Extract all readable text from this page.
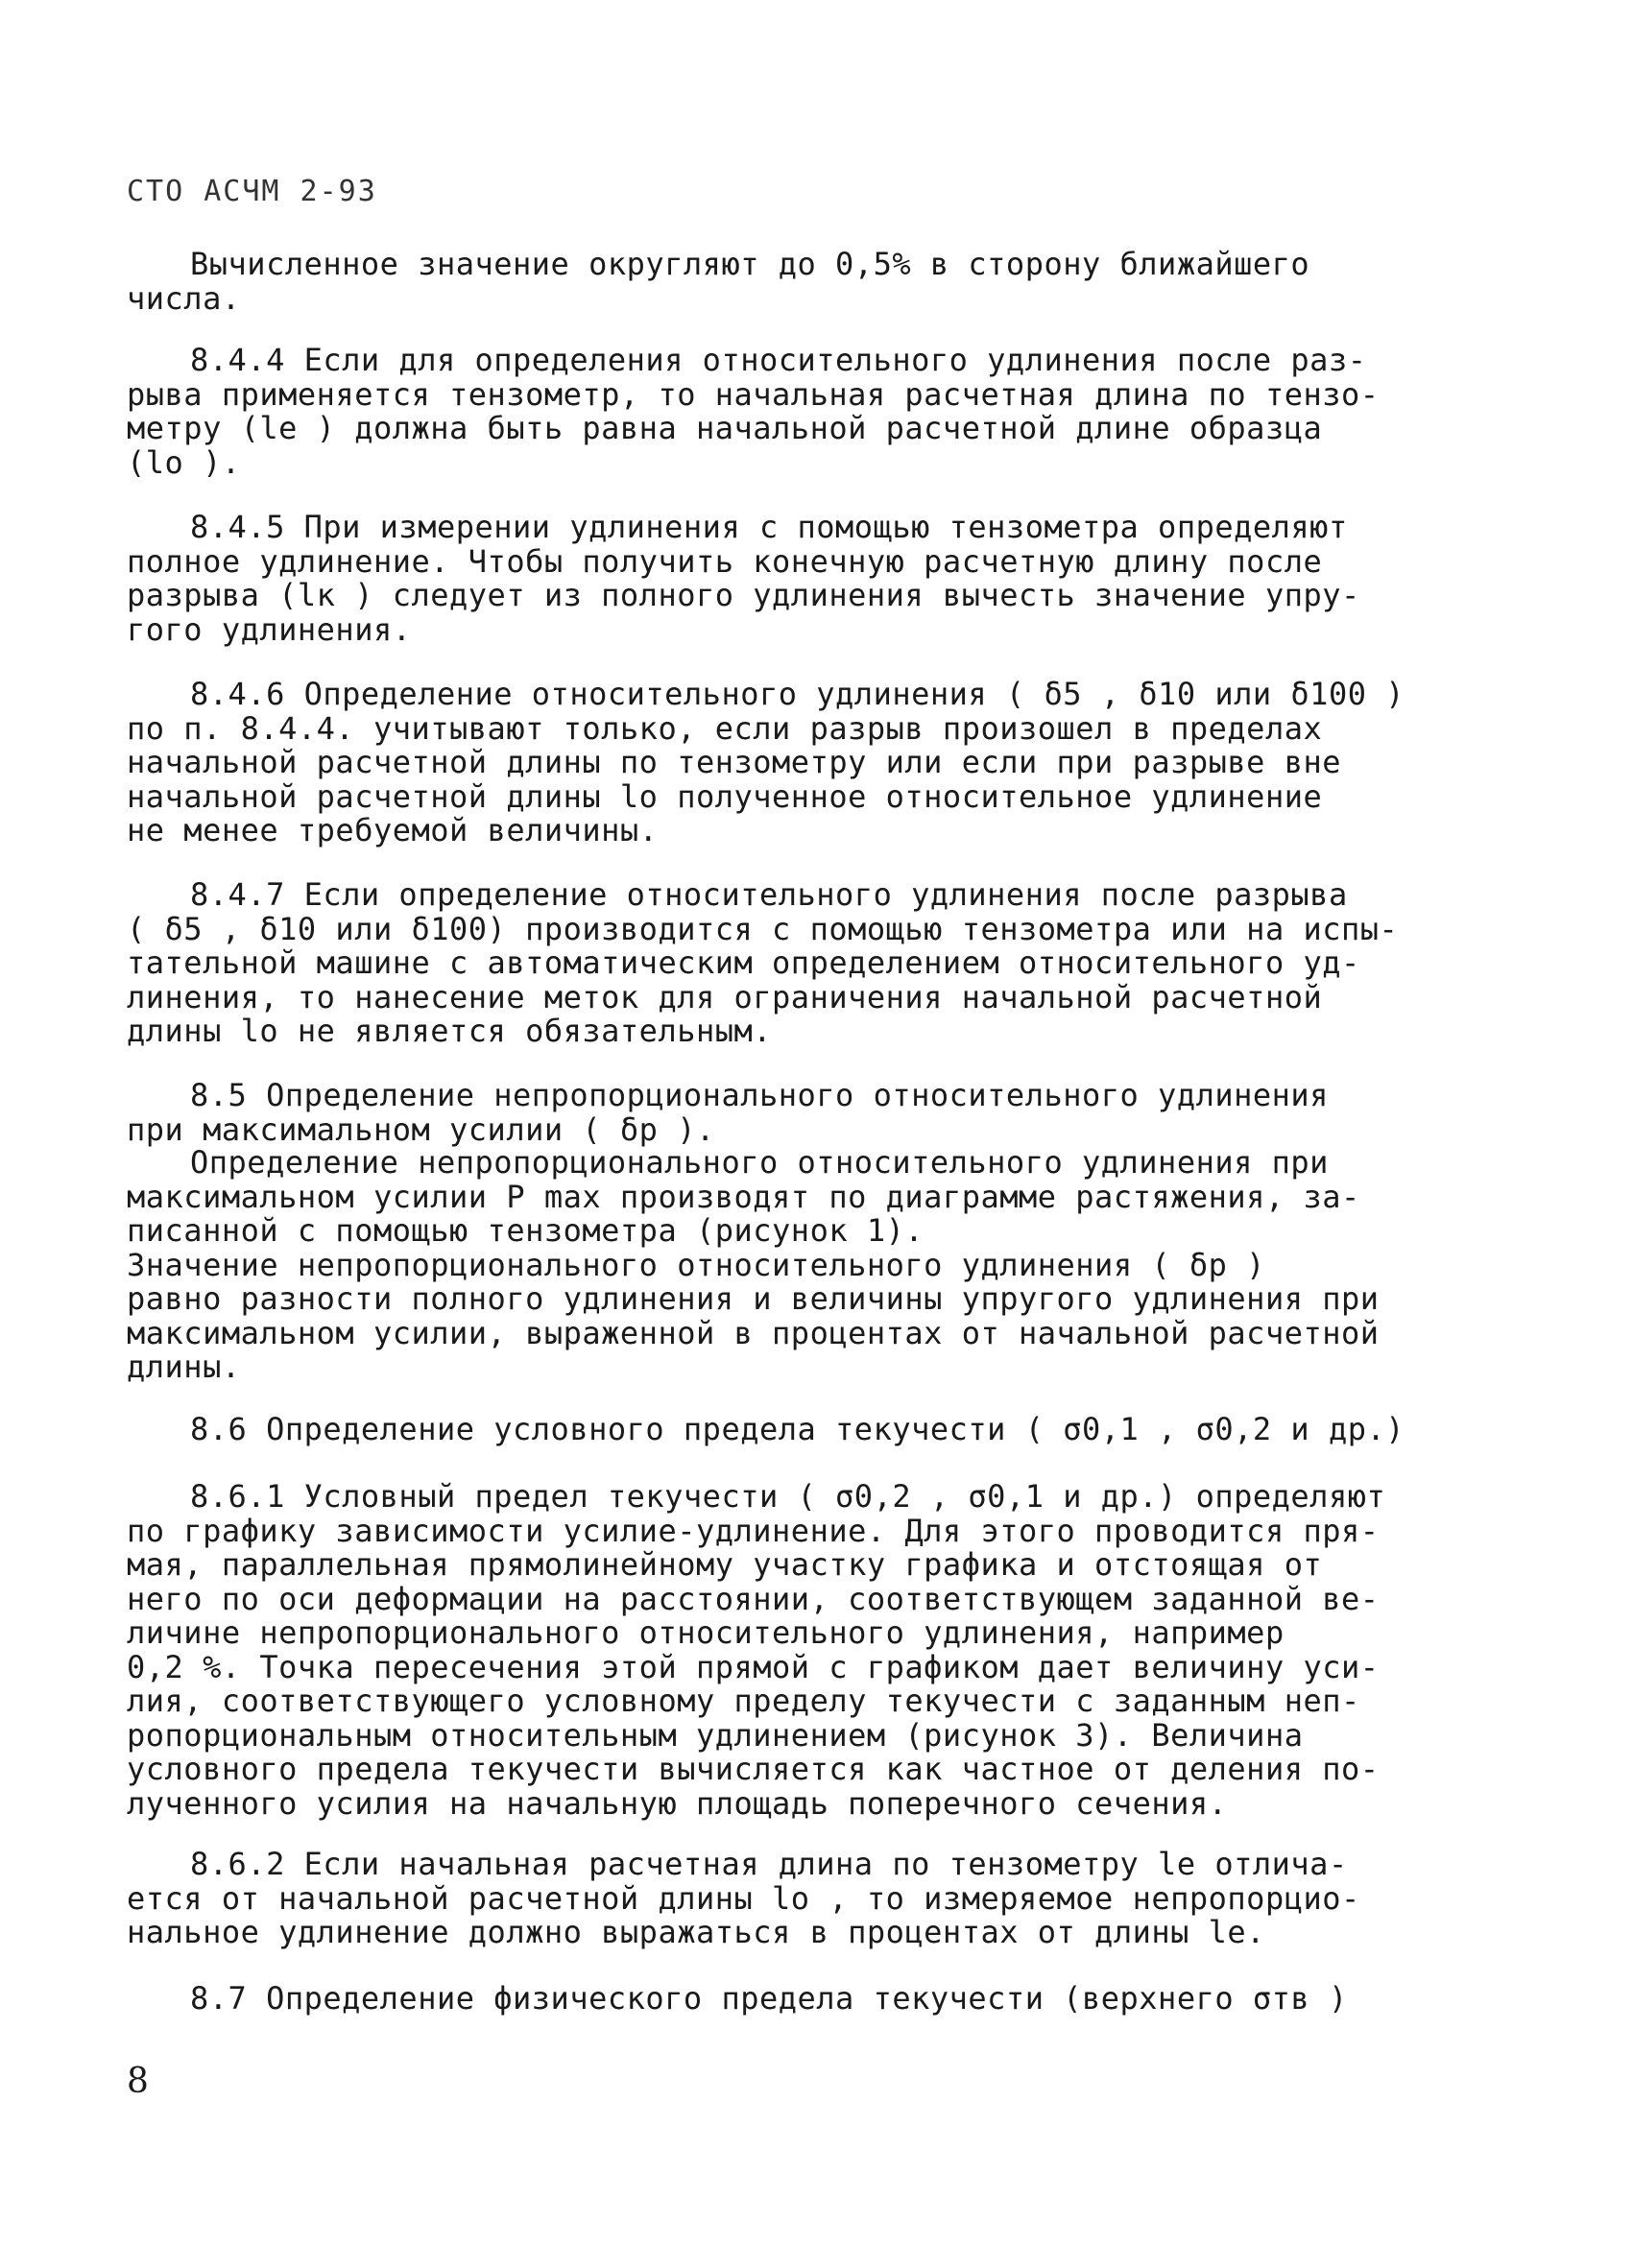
СТО АСЧМ 2-93
Вычисленное значение округляют до 0,5% в сторону ближайшего
числа.
8.4.4 Если для определения относительного удлинения после раз-
рыва применяется тензометр, то начальная расчетная длина по тензо-
метру (lе ) должна быть равна начальной расчетной длине образца
(lо ).
8.4.5 При измерении удлинения с помощью тензометра определяют
полное удлинение. Чтобы получить конечную расчетную длину после
разрыва (lк ) следует из полного удлинения вычесть значение упру-
гого удлинения.
8.4.6 Определение относительного удлинения ( δ5 , δ10 или δ100 )
по п. 8.4.4. учитывают только, если разрыв произошел в пределах
начальной расчетной длины по тензометру или если при разрыве вне
начальной расчетной длины lо полученное относительное удлинение
не менее требуемой величины.
8.4.7 Если определение относительного удлинения после разрыва
( δ5 , δ10 или δ100) производится с помощью тензометра или на испы-
тательной машине с автоматическим определением относительного уд-
линения, то нанесение меток для ограничения начальной расчетной
длины lо не является обязательным.
8.5 Определение непропорционального относительного удлинения
при максимальном усилии ( δp ).
Определение непропорционального относительного удлинения при
максимальном усилии P max производят по диаграмме растяжения, за-
писанной с помощью тензометра (рисунок 1).
Значение непропорционального относительного удлинения ( δp )
равно разности полного удлинения и величины упругого удлинения при
максимальном усилии, выраженной в процентах от начальной расчетной
длины.
8.6 Определение условного предела текучести ( σ0,1 , σ0,2 и др.)
8.6.1 Условный предел текучести ( σ0,2 , σ0,1 и др.) определяют
по графику зависимости усилие-удлинение. Для этого проводится пря-
мая, параллельная прямолинейному участку графика и отстоящая от
него по оси деформации на расстоянии, соответствующем заданной ве-
личине непропорционального относительного удлинения, например
0,2 %. Точка пересечения этой прямой с графиком дает величину уси-
лия, соответствующего условному пределу текучести с заданным неп-
ропорциональным относительным удлинением (рисунок 3). Величина
условного предела текучести вычисляется как частное от деления по-
лученного усилия на начальную площадь поперечного сечения.
8.6.2 Если начальная расчетная длина по тензометру lе отлича-
ется от начальной расчетной длины lо , то измеряемое непропорцио-
нальное удлинение должно выражаться в процентах от длины lе.
8.7 Определение физического предела текучести (верхнего σтв )
8
